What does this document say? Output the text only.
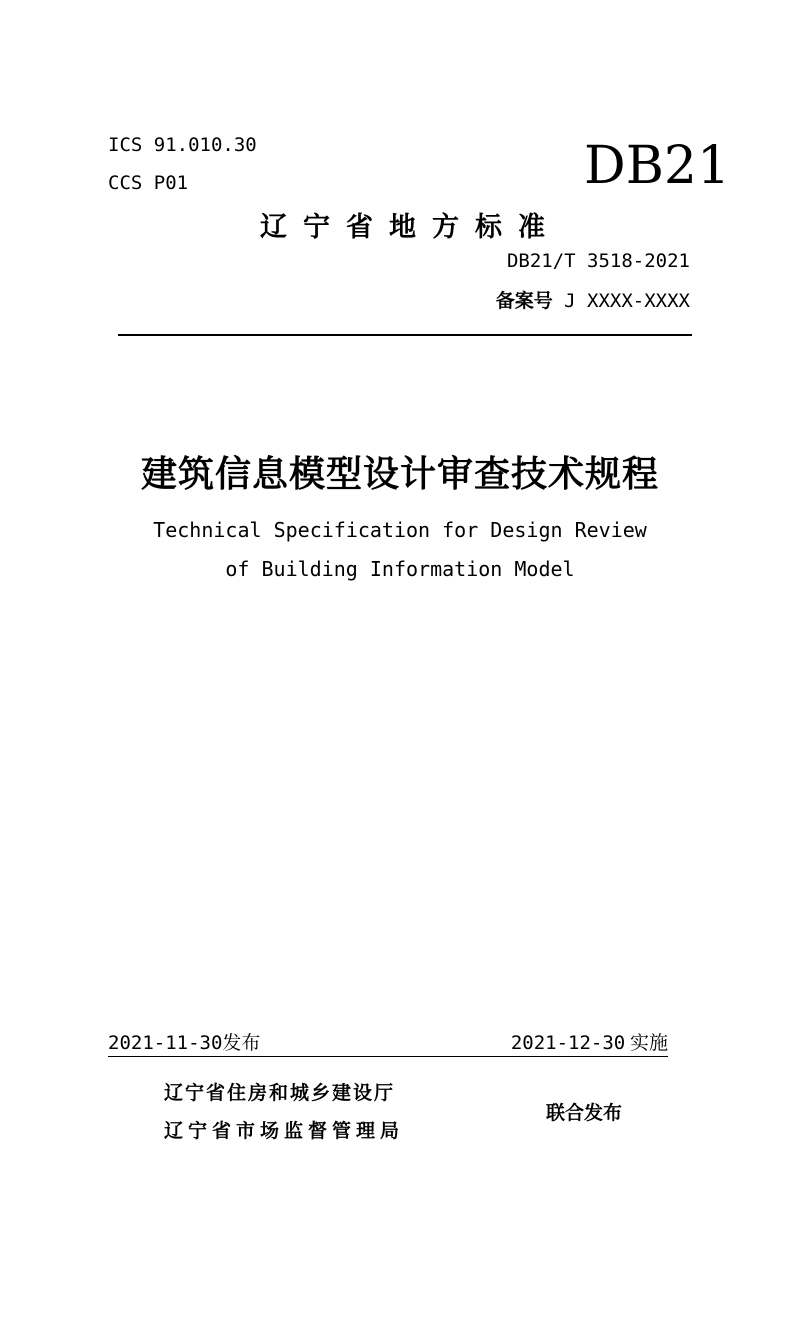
ICS 91.010.30
CCS P01	DB21
辽宁省地方标准
DB21/T 3518-2021
备案号 J XXXX-XXXX
建筑信息模型设计审查技术规程
Technical Specification for Design Review
of Building Information Model
2021-11-30发布	2021-12-30 实施
辽宁省住房和城乡建设厅
辽宁省市场监督管理局
联合发布
